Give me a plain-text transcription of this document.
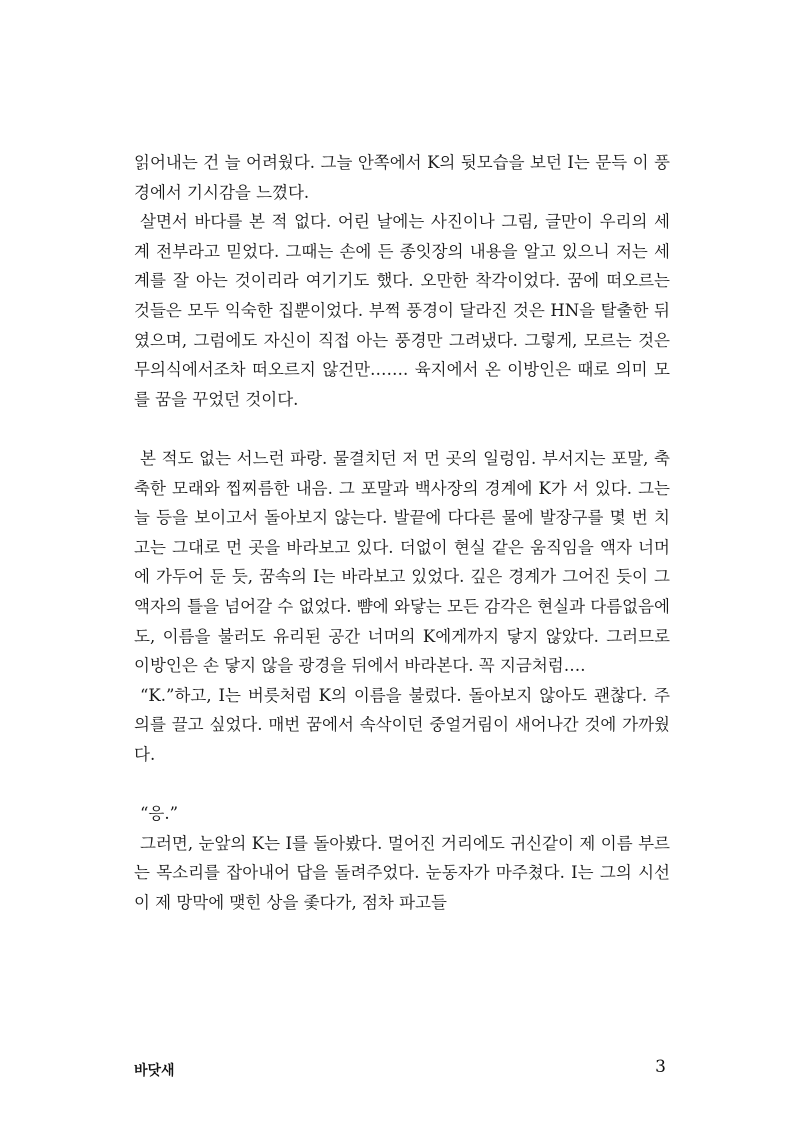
읽어내는 건 늘 어려웠다. 그늘 안쪽에서 K의 뒷모습을 보던 I는 문득 이 풍경에서 기시감을 느꼈다.

살면서 바다를 본 적 없다. 어린 날에는 사진이나 그림, 글만이 우리의 세계 전부라고 믿었다. 그때는 손에 든 종잇장의 내용을 알고 있으니 저는 세계를 잘 아는 것이리라 여기기도 했다. 오만한 착각이었다. 꿈에 떠오르는 것들은 모두 익숙한 집뿐이었다. 부쩍 풍경이 달라진 것은 HN을 탈출한 뒤였으며, 그럼에도 자신이 직접 아는 풍경만 그려냈다. 그렇게, 모르는 것은 무의식에서조차 떠오르지 않건만……. 육지에서 온 이방인은 때로 의미 모를 꿈을 꾸었던 것이다.

본 적도 없는 서느런 파랑. 물결치던 저 먼 곳의 일렁임. 부서지는 포말, 축축한 모래와 찝찌름한 내음. 그 포말과 백사장의 경계에 K가 서 있다. 그는 늘 등을 보이고서 돌아보지 않는다. 발끝에 다다른 물에 발장구를 몇 번 치고는 그대로 먼 곳을 바라보고 있다. 더없이 현실 같은 움직임을 액자 너머에 가두어 둔 듯, 꿈속의 I는 바라보고 있었다. 깊은 경계가 그어진 듯이 그 액자의 틀을 넘어갈 수 없었다. 뺨에 와닿는 모든 감각은 현실과 다름없음에도, 이름을 불러도 유리된 공간 너머의 K에게까지 닿지 않았다. 그러므로 이방인은 손 닿지 않을 광경을 뒤에서 바라본다. 꼭 지금처럼….

“K.”하고, I는 버릇처럼 K의 이름을 불렀다. 돌아보지 않아도 괜찮다. 주의를 끌고 싶었다. 매번 꿈에서 속삭이던 중얼거림이 새어나간 것에 가까웠다.

“응.”

그러면, 눈앞의 K는 I를 돌아봤다. 멀어진 거리에도 귀신같이 제 이름 부르는 목소리를 잡아내어 답을 돌려주었다. 눈동자가 마주쳤다. I는 그의 시선이 제 망막에 맺힌 상을 좇다가, 점차 파고들

바닷새	3
